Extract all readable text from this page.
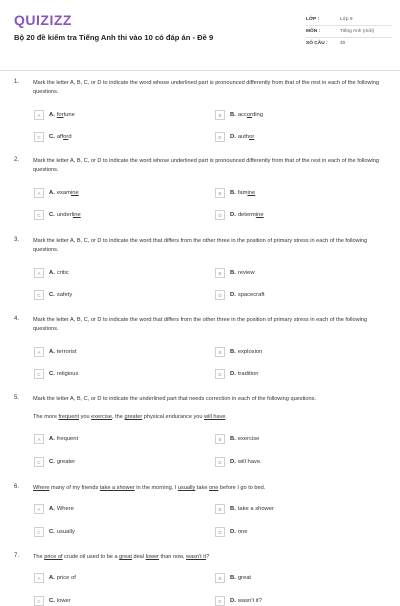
QUIZIZZ
Bộ 20 đề kiểm tra Tiếng Anh thi vào 10 có đáp án - Đề 9
LỚP :	Lớp 9
MÔN :	Tiếng Anh (mới)
SỐ CÂU :	40
1. Mark the letter A, B, C, or D to indicate the word whose underlined part is pronounced differently from that of the rest in each of the following questions.
A	A. fortune	B	B. according
C	C. afford	D	D. author
2. Mark the letter A, B, C, or D to indicate the word whose underlined part is pronounced differently from that of the rest in each of the following questions.
A	A. examine	B	B. famine
C	C. underline	D	D. determine
3. Mark the letter A, B, C, or D to indicate the word that differs from the other three in the position of primary stress in each of the following questions.
A	A. critic	B	B. review
C	C. safety	D	D. spacecraft
4. Mark the letter A, B, C, or D to indicate the word that differs from the other three in the position of primary stress in each of the following questions.
A	A. terrorist	B	B. explosion
C	C. religious	D	D. tradition
5. Mark the letter A, B, C, or D to indicate the underlined part that needs correction in each of the following questions.
The more frequent you exercise, the greater physical endurance you will have.
A	A. frequent	B	B. exercise
C	C. greater	D	D. will have.
6. Where many of my friends take a shower in the morning, I usually take one before I go to bed.
A	A. Where	B	B. take a shower
C	C. usually	D	D. one
7. The price of crude oil used to be a great deal lower than now, wasn't it?
A	A. price of	B	B. great
C	C. lower	D	D. wasn't it?
